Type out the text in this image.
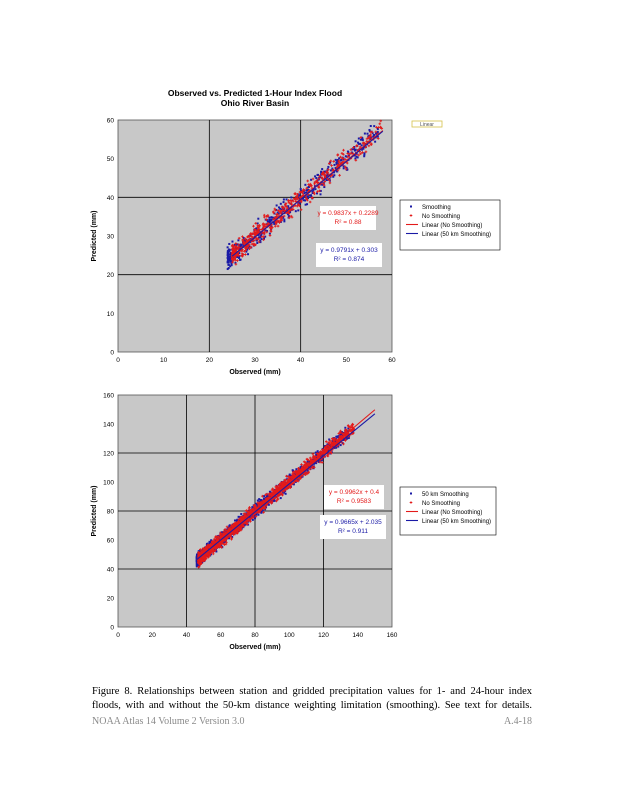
Observed vs. Predicted 1-Hour Index Flood
Ohio River Basin
0	10	20	30	40	50	60
0
10
20
30
40
50
60
Observed (mm)
Predicted (mm)	y = 0.9837x + 0.2289
R² = 0.88
y = 0.9791x + 0.303
R² = 0.874
Smoothing
No Smoothing
Linear (No Smoothing)
Linear (50 km Smoothing)
Linear
0	20	40	60	80	100	120	140	160
0
20
40
60
80
100
120
140
160
Observed (mm)
Predicted (mm)	y = 0.9962x + 0.4
R² = 0.9583
y = 0.9665x + 2.035
R² = 0.911
50 km Smoothing
No Smoothing
Linear (No Smoothing)
Linear (50 km Smoothing)
Figure 8. Relationships between station and gridded precipitation values for 1- and 24-hour index
floods, with and without the 50-km distance weighting limitation (smoothing). See text for details.
NOAA Atlas 14 Volume 2 Version 3.0	A.4-18
